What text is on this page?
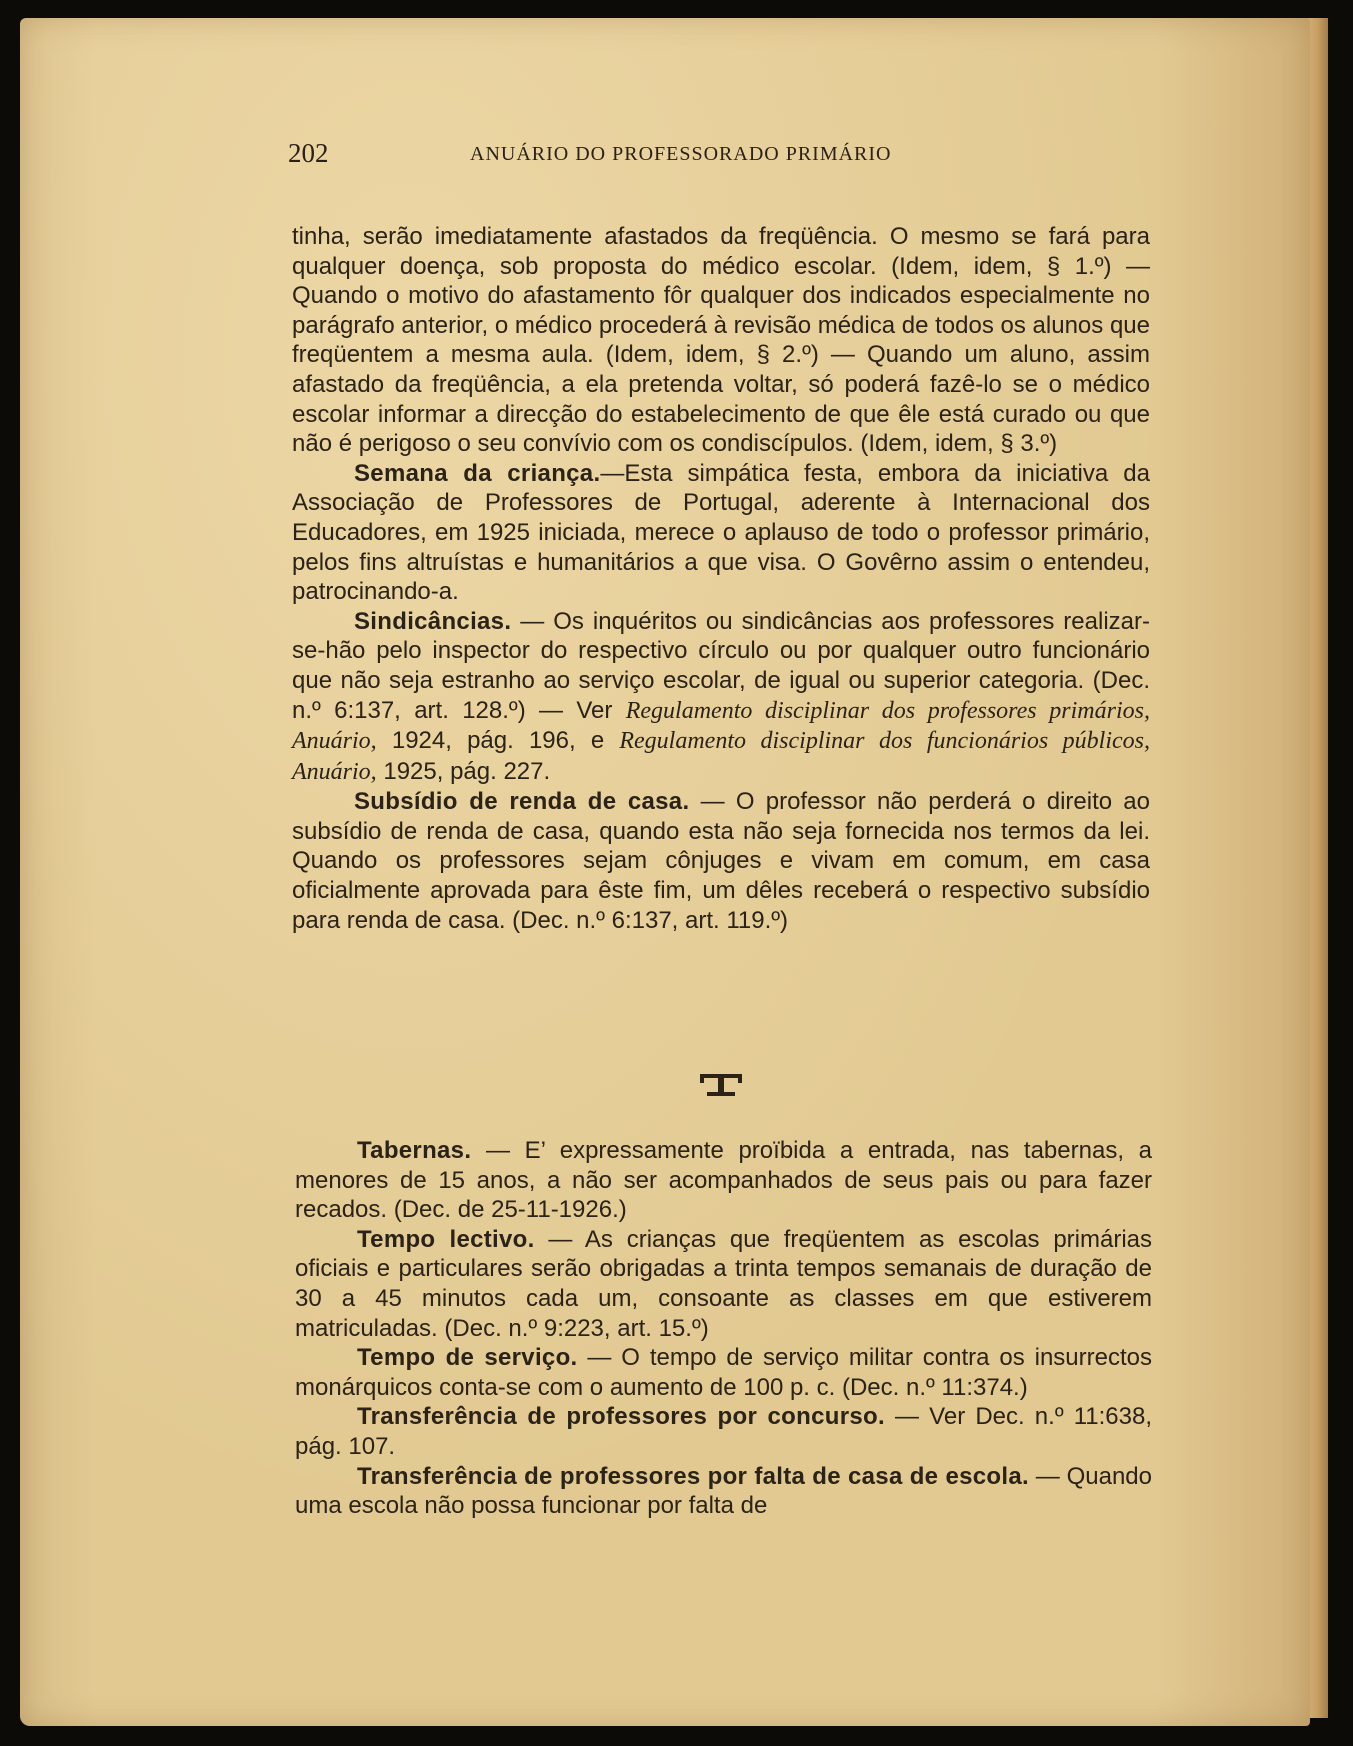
202	ANUÁRIO DO PROFESSORADO PRIMÁRIO

tinha, serão imediatamente afastados da freqüência. O mesmo se fará para qualquer doença, sob proposta do médico escolar. (Idem, idem, § 1.º) — Quando o motivo do afastamento fôr qualquer dos indicados especialmente no parágrafo anterior, o médico procederá à revisão médica de todos os alunos que freqüentem a mesma aula. (Idem, idem, § 2.º) — Quando um aluno, assim afastado da freqüência, a ela pretenda voltar, só poderá fazê-lo se o médico escolar informar a direcção do estabelecimento de que êle está curado ou que não é perigoso o seu convívio com os condiscípulos. (Idem, idem, § 3.º)

Semana da criança.—Esta simpática festa, embora da iniciativa da Associação de Professores de Portugal, aderente à Internacional dos Educadores, em 1925 iniciada, merece o aplauso de todo o professor primário, pelos fins altruístas e humanitários a que visa. O Govêrno assim o entendeu, patrocinando-a.

Sindicâncias. — Os inquéritos ou sindicâncias aos professores realizar-se-hão pelo inspector do respectivo círculo ou por qualquer outro funcionário que não seja estranho ao serviço escolar, de igual ou superior categoria. (Dec. n.º 6:137, art. 128.º) — Ver Regulamento disciplinar dos professores primários, Anuário, 1924, pág. 196, e Regulamento disciplinar dos funcionários públicos, Anuário, 1925, pág. 227.

Subsídio de renda de casa. — O professor não perderá o direito ao subsídio de renda de casa, quando esta não seja fornecida nos termos da lei. Quando os professores sejam cônjuges e vivam em comum, em casa oficialmente aprovada para êste fim, um dêles receberá o respectivo subsídio para renda de casa. (Dec. n.º 6:137, art. 119.º)

Tabernas. — E’ expressamente proïbida a entrada, nas tabernas, a menores de 15 anos, a não ser acompanhados de seus pais ou para fazer recados. (Dec. de 25-11-1926.)

Tempo lectivo. — As crianças que freqüentem as escolas primárias oficiais e particulares serão obrigadas a trinta tempos semanais de duração de 30 a 45 minutos cada um, consoante as classes em que estiverem matriculadas. (Dec. n.º 9:223, art. 15.º)

Tempo de serviço. — O tempo de serviço militar contra os insurrectos monárquicos conta-se com o aumento de 100 p. c. (Dec. n.º 11:374.)

Transferência de professores por concurso. — Ver Dec. n.º 11:638, pág. 107.

Transferência de professores por falta de casa de escola. — Quando uma escola não possa funcionar por falta de
